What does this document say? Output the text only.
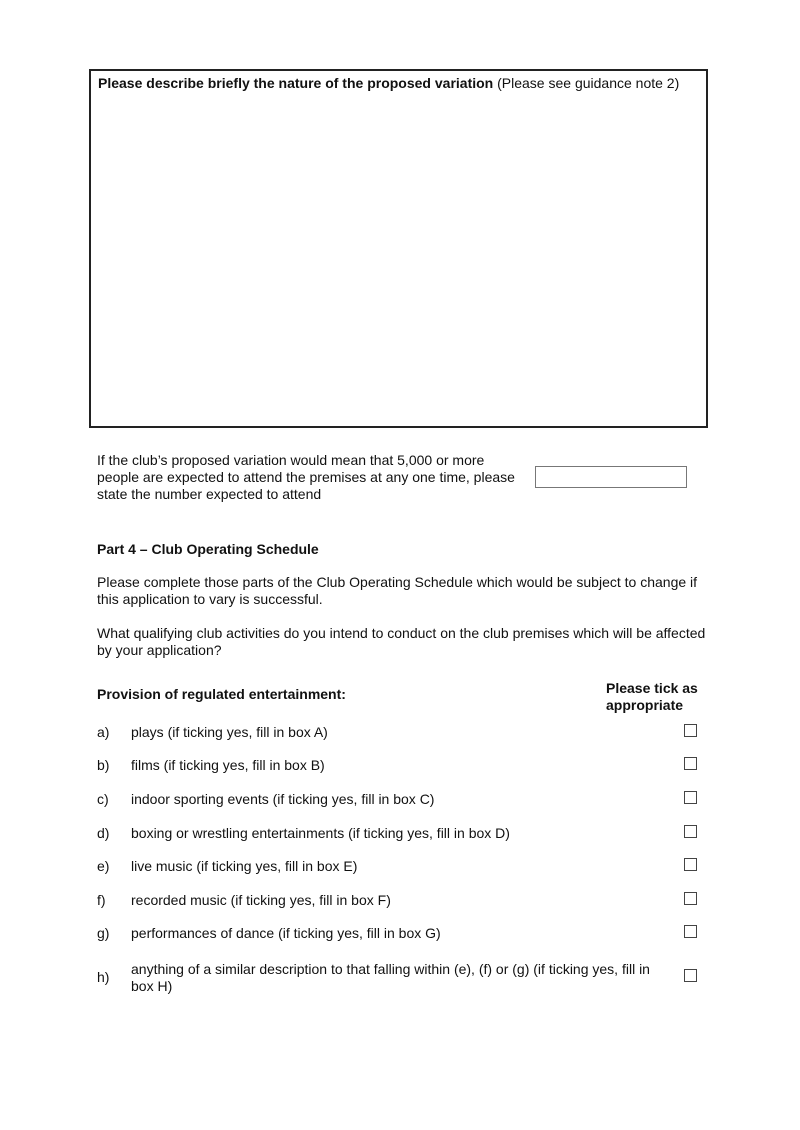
Please describe briefly the nature of the proposed variation (Please see guidance note 2)
If the club’s proposed variation would mean that 5,000 or more people are expected to attend the premises at any one time, please state the number expected to attend
Part 4 – Club Operating Schedule
Please complete those parts of the Club Operating Schedule which would be subject to change if this application to vary is successful.
What qualifying club activities do you intend to conduct on the club premises which will be affected by your application?
Provision of regulated entertainment:	Please tick as appropriate
a)	plays (if ticking yes, fill in box A)
b)	films (if ticking yes, fill in box B)
c)	indoor sporting events (if ticking yes, fill in box C)
d)	boxing or wrestling entertainments (if ticking yes, fill in box D)
e)	live music (if ticking yes, fill in box E)
f)	recorded music (if ticking yes, fill in box F)
g)	performances of dance (if ticking yes, fill in box G)
h)	anything of a similar description to that falling within (e), (f) or (g) (if ticking yes, fill in box H)
